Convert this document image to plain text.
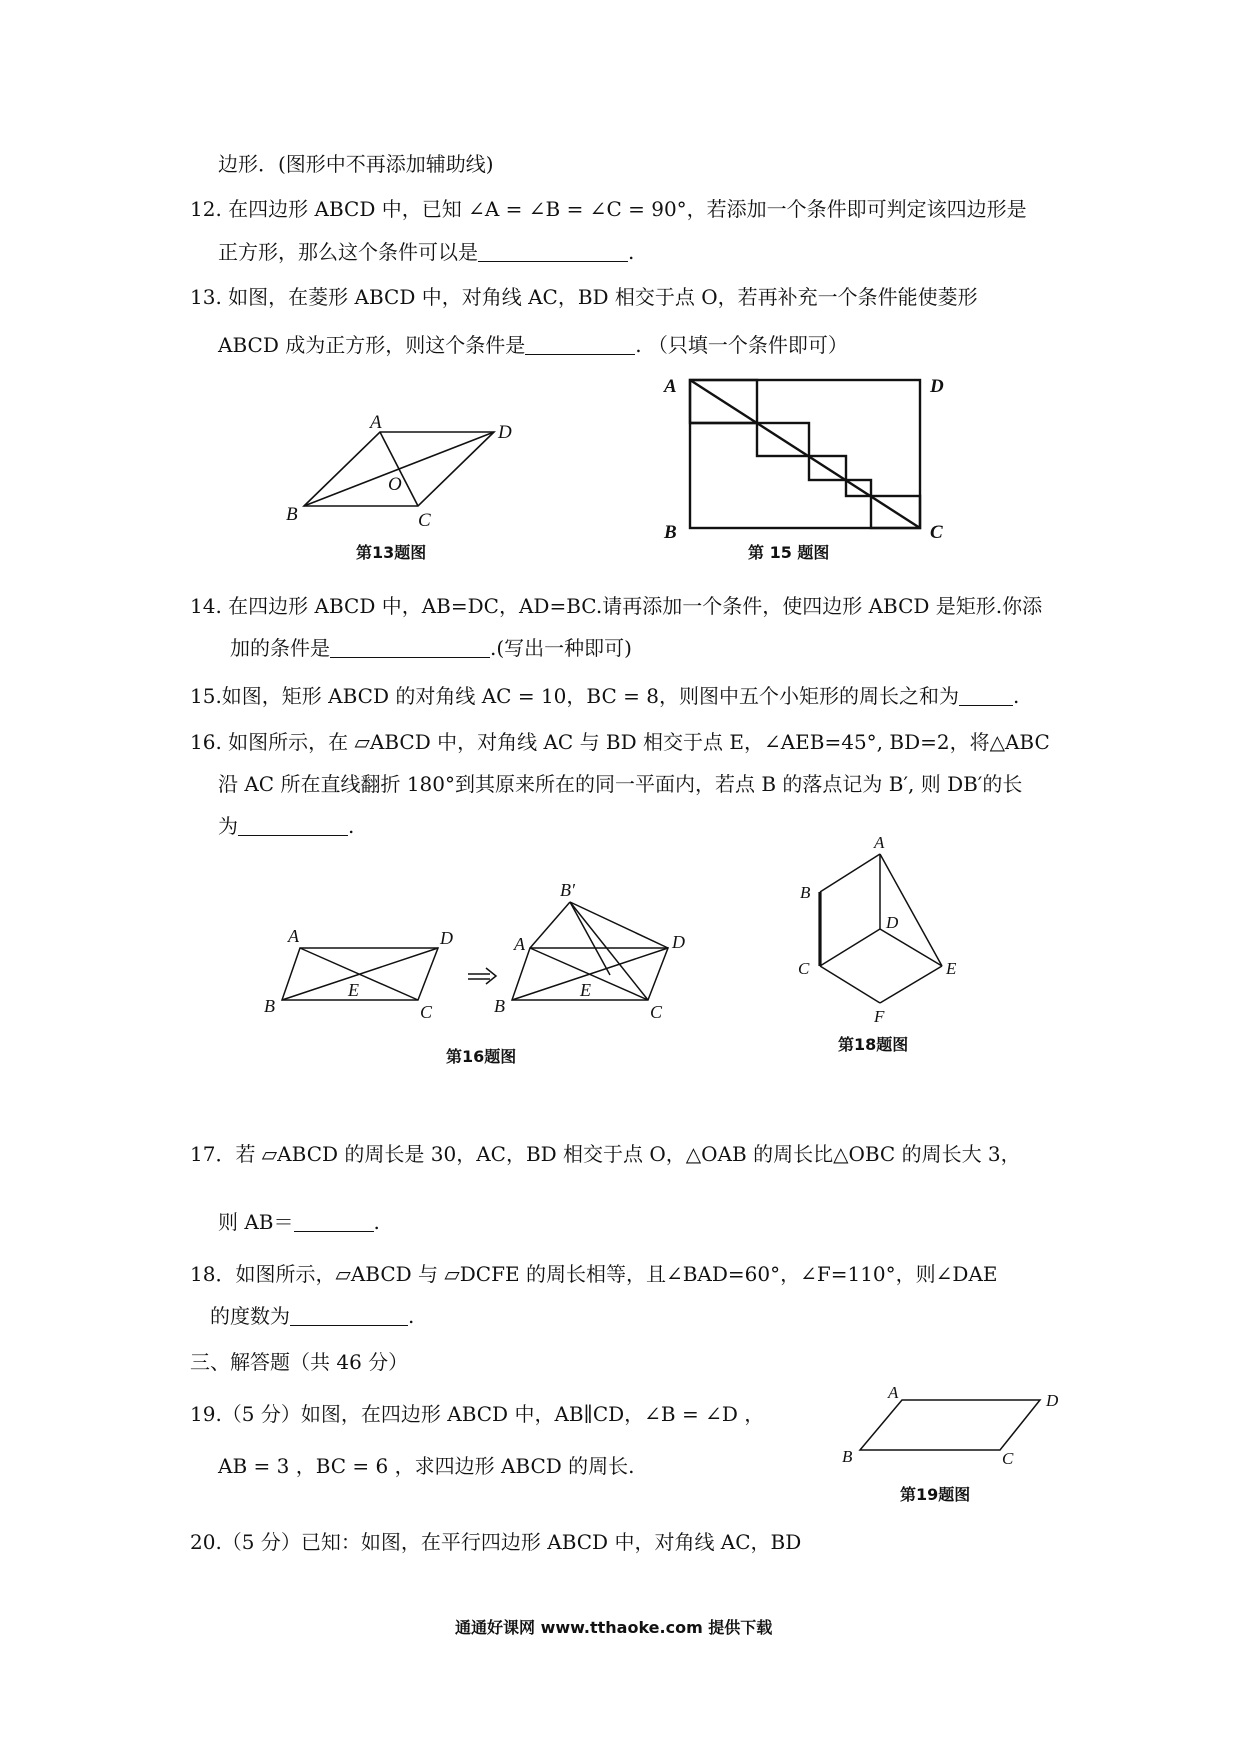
边形．(图形中不再添加辅助线)
12. 在四边形 ABCD 中，已知 ∠A = ∠B = ∠C = 90°，若添加一个条件即可判定该四边形是
正方形，那么这个条件可以是	.
13. 如图，在菱形 ABCD 中，对角线 AC，BD 相交于点 O，若再补充一个条件能使菱形
ABCD 成为正方形，则这个条件是	. （只填一个条件即可）
A	D
B	C
O
第13题图
A	D
B	C
第 15 题图
14. 在四边形 ABCD 中，AB=DC，AD=BC.请再添加一个条件，使四边形 ABCD 是矩形.你添
加的条件是	.(写出一种即可)
15.如图，矩形 ABCD 的对角线 AC = 10，BC = 8，则图中五个小矩形的周长之和为	.
16. 如图所示，在 ▱ABCD 中，对角线 AC 与 BD 相交于点 E，∠AEB=45°, BD=2，将△ABC
沿 AC 所在直线翻折 180°到其原来所在的同一平面内，若点 B 的落点记为 B′, 则 DB′的长
为	.
A	D
B	C
E
B′
A	D
B	C
E
第16题图
A
B
D
C	E
F
第18题图
17．若 ▱ABCD 的周长是 30，AC，BD 相交于点 O，△OAB 的周长比△OBC 的周长大 3，
则 AB＝	.
18．如图所示，▱ABCD 与 ▱DCFE 的周长相等，且∠BAD=60°，∠F=110°，则∠DAE
的度数为	.
三、解答题（共 46 分）
19.（5 分）如图，在四边形 ABCD 中，AB∥CD，∠B = ∠D ，
AB = 3 ，BC = 6 ，求四边形 ABCD 的周长.
A	D
B	C
第19题图
20.（5 分）已知：如图，在平行四边形 ABCD 中，对角线 AC，BD
通通好课网 www.tthaoke.com 提供下载
